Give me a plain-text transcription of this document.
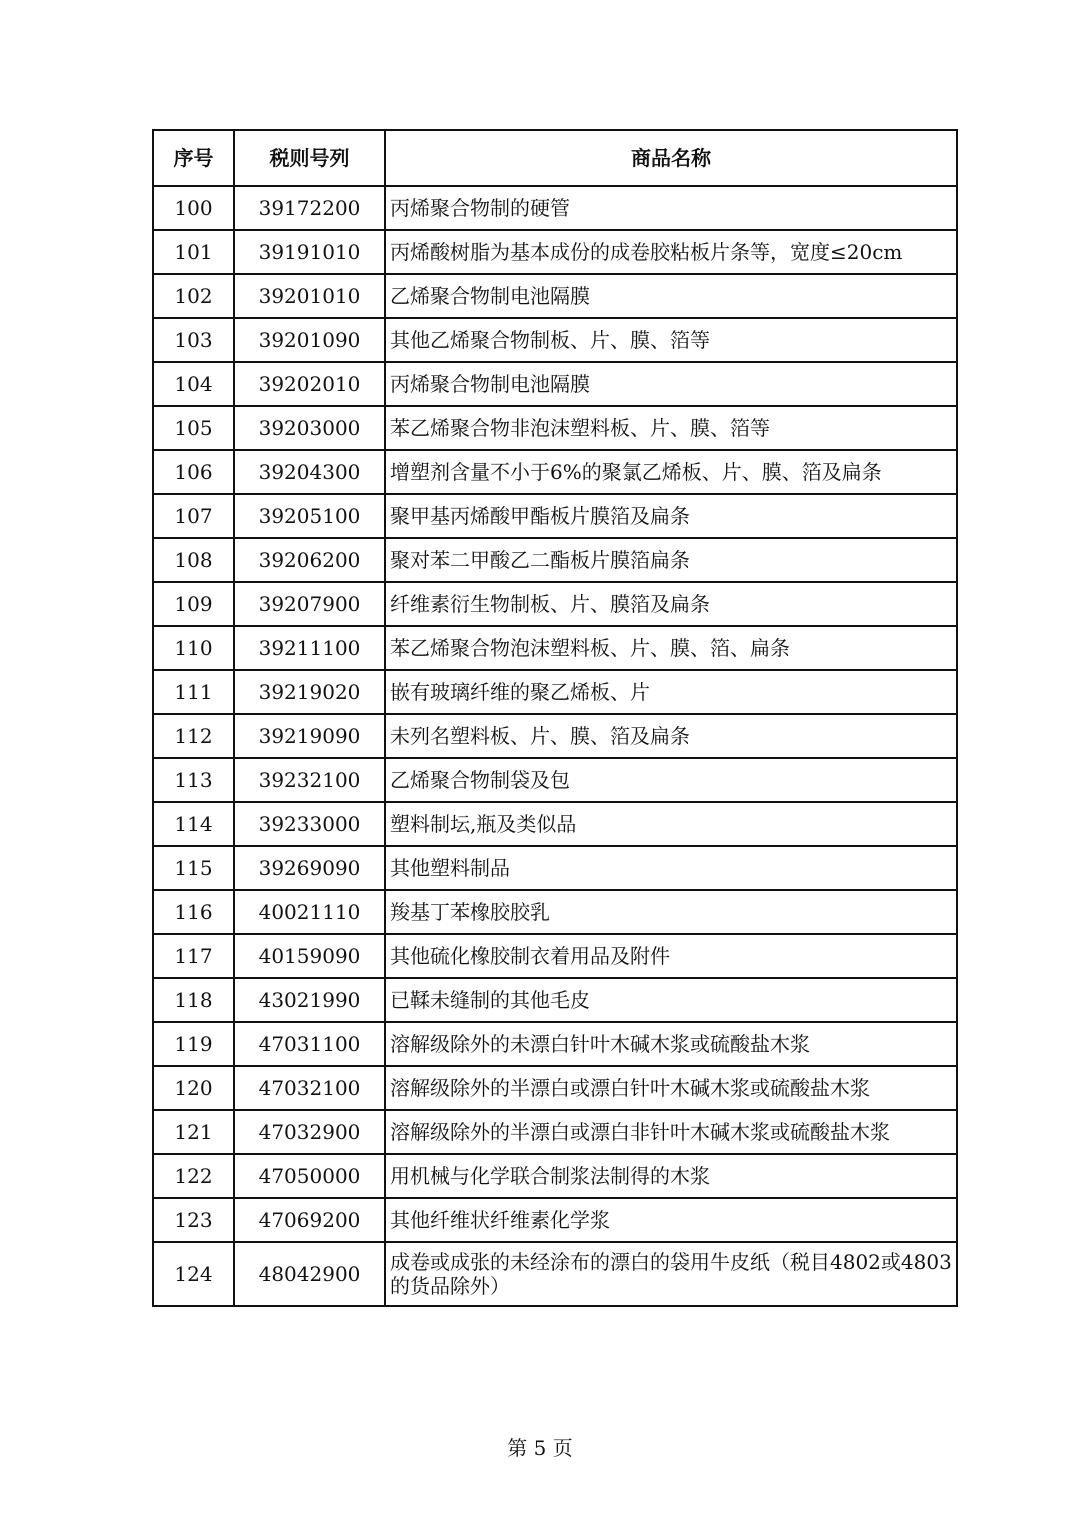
序号	税则号列	商品名称
100	39172200	丙烯聚合物制的硬管
101	39191010	丙烯酸树脂为基本成份的成卷胶粘板片条等，宽度≤20cm
102	39201010	乙烯聚合物制电池隔膜
103	39201090	其他乙烯聚合物制板、片、膜、箔等
104	39202010	丙烯聚合物制电池隔膜
105	39203000	苯乙烯聚合物非泡沫塑料板、片、膜、箔等
106	39204300	增塑剂含量不小于6%的聚氯乙烯板、片、膜、箔及扁条
107	39205100	聚甲基丙烯酸甲酯板片膜箔及扁条
108	39206200	聚对苯二甲酸乙二酯板片膜箔扁条
109	39207900	纤维素衍生物制板、片、膜箔及扁条
110	39211100	苯乙烯聚合物泡沫塑料板、片、膜、箔、扁条
111	39219020	嵌有玻璃纤维的聚乙烯板、片
112	39219090	未列名塑料板、片、膜、箔及扁条
113	39232100	乙烯聚合物制袋及包
114	39233000	塑料制坛,瓶及类似品
115	39269090	其他塑料制品
116	40021110	羧基丁苯橡胶胶乳
117	40159090	其他硫化橡胶制衣着用品及附件
118	43021990	已鞣未缝制的其他毛皮
119	47031100	溶解级除外的未漂白针叶木碱木浆或硫酸盐木浆
120	47032100	溶解级除外的半漂白或漂白针叶木碱木浆或硫酸盐木浆
121	47032900	溶解级除外的半漂白或漂白非针叶木碱木浆或硫酸盐木浆
122	47050000	用机械与化学联合制浆法制得的木浆
123	47069200	其他纤维状纤维素化学浆
124	48042900	成卷或成张的未经涂布的漂白的袋用牛皮纸（税目4802或4803的货品除外）
第 5 页
